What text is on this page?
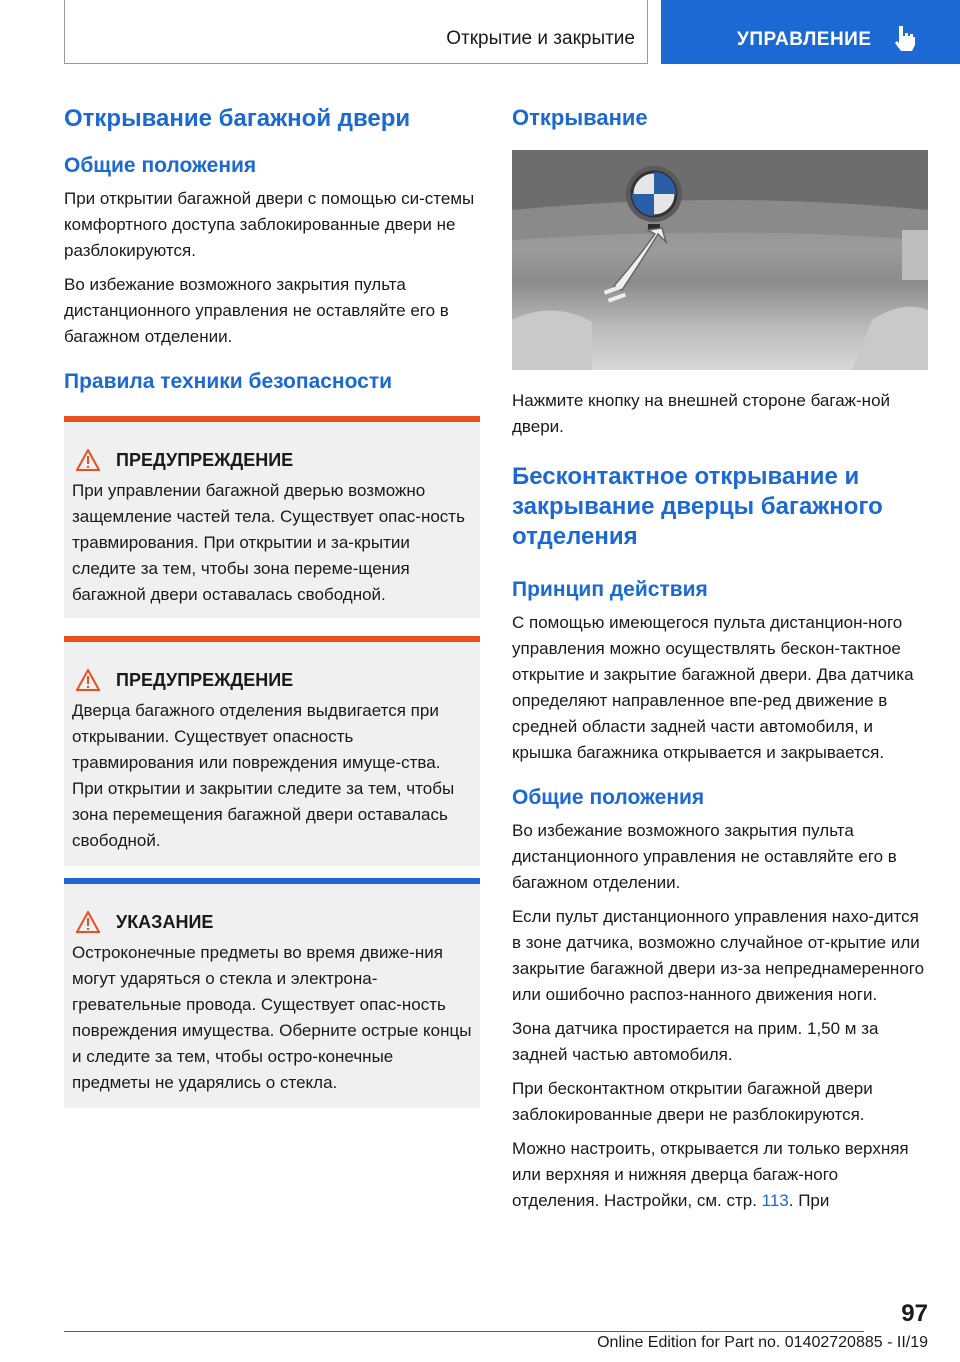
Открытие и закрытие	УПРАВЛЕНИЕ
Открывание багажной двери
Общие положения

При открытии багажной двери с помощью си-стемы комфортного доступа заблокированные двери не разблокируются.

Во избежание возможного закрытия пульта дистанционного управления не оставляйте его в багажном отделении.

Правила техники безопасности
ПРЕДУПРЕЖДЕНИЕ

При управлении багажной дверью возможно защемление частей тела. Существует опас-ность травмирования. При открытии и за-крытии следите за тем, чтобы зона переме-щения багажной двери оставалась свободной.

ПРЕДУПРЕЖДЕНИЕ

Дверца багажного отделения выдвигается при открывании. Существует опасность травмирования или повреждения имуще-ства. При открытии и закрытии следите за тем, чтобы зона перемещения багажной двери оставалась свободной.

УКАЗАНИЕ

Остроконечные предметы во время движе-ния могут ударяться о стекла и электрона-гревательные провода. Существует опас-ность повреждения имущества. Оберните острые концы и следите за тем, чтобы остро-конечные предметы не ударялись о стекла.

Открывание

Нажмите кнопку на внешней стороне багаж-ной двери.

Бесконтактное открывание и закрывание дверцы багажного отделения
Принцип действия

С помощью имеющегося пульта дистанцион-ного управления можно осуществлять бескон-тактное открытие и закрытие багажной двери. Два датчика определяют направленное впе-ред движение в средней области задней части автомобиля, и крышка багажника открывается и закрывается.

Общие положения

Во избежание возможного закрытия пульта дистанционного управления не оставляйте его в багажном отделении.

Если пульт дистанционного управления нахо-дится в зоне датчика, возможно случайное от-крытие или закрытие багажной двери из-за непреднамеренного или ошибочно распоз-нанного движения ноги.

Зона датчика простирается на прим. 1,50 м за задней частью автомобиля.

При бесконтактном открытии багажной двери заблокированные двери не разблокируются.

Можно настроить, открывается ли только верхняя или верхняя и нижняя дверца багаж-ного отделения. Настройки, см. стр. 113. При

97
Online Edition for Part no. 01402720885 - II/19
